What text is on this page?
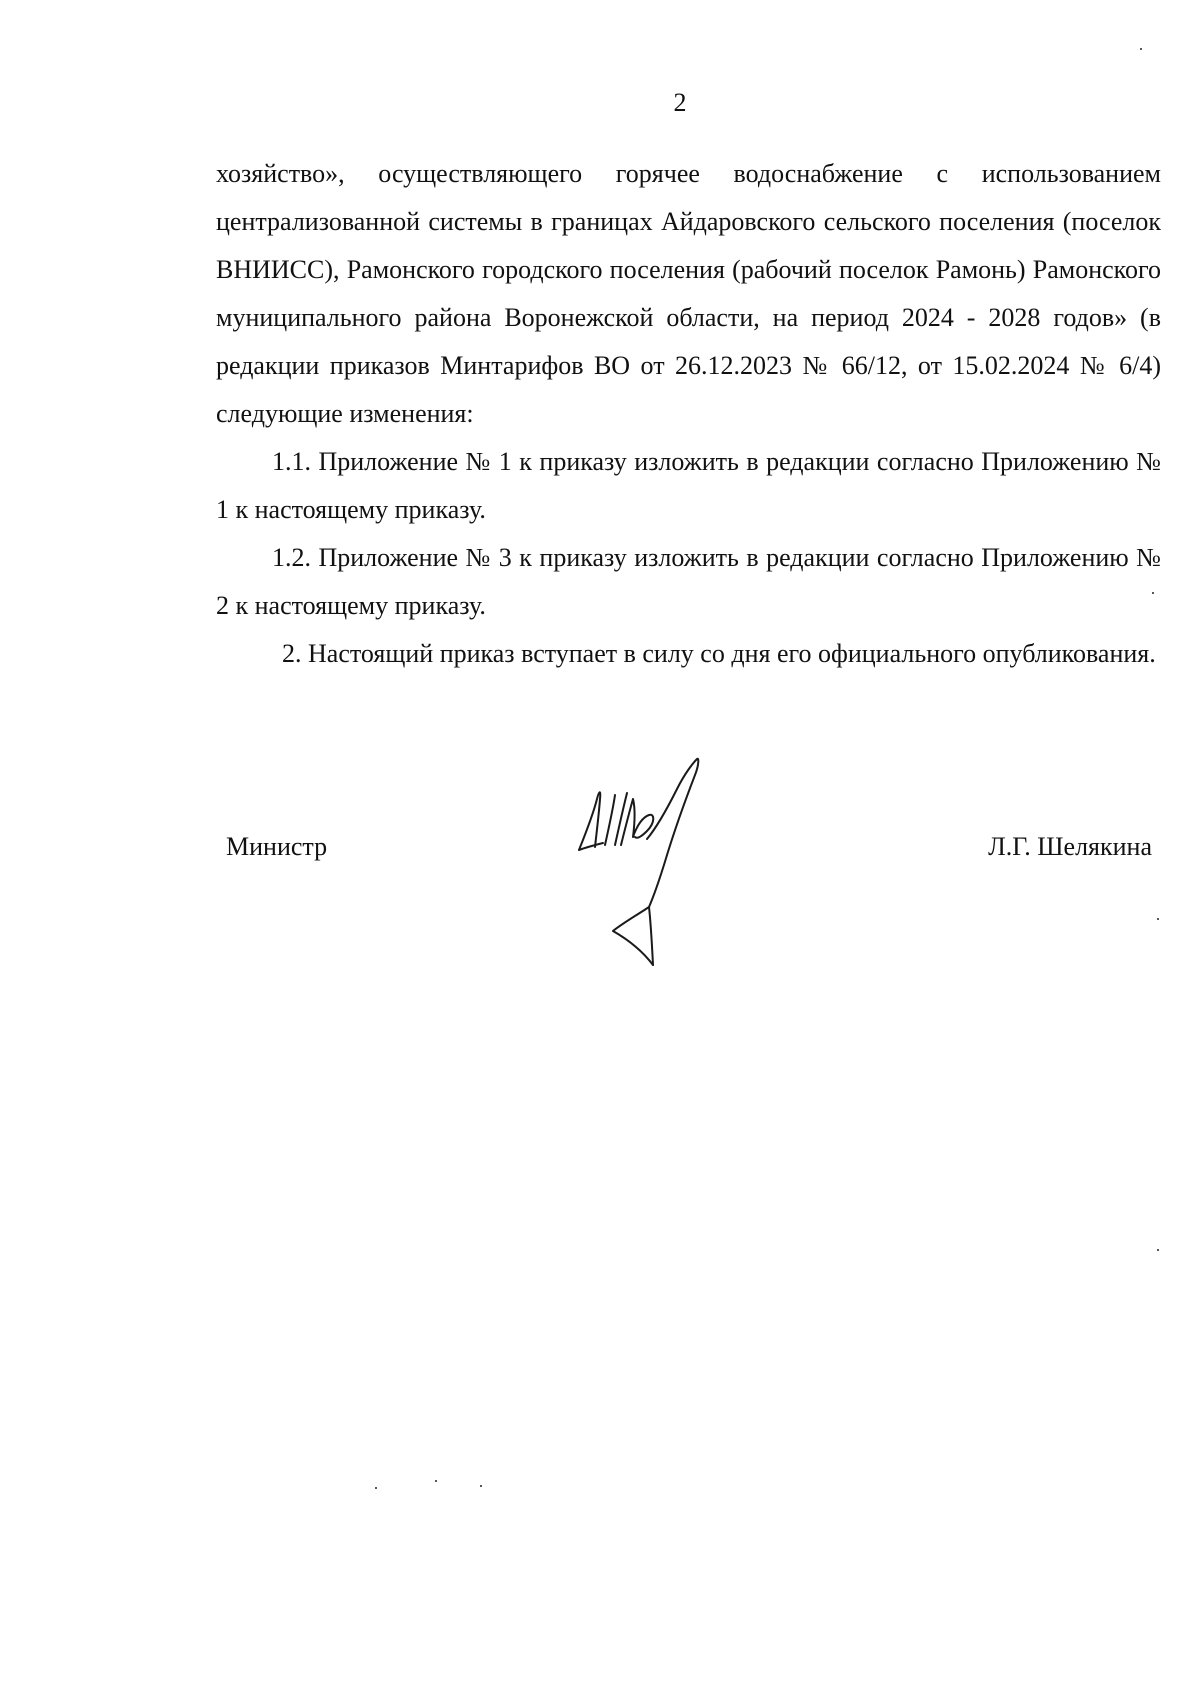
2

хозяйство», осуществляющего горячее водоснабжение с использованием централизованной системы в границах Айдаровского сельского поселения (поселок ВНИИСС), Рамонского городского поселения (рабочий поселок Рамонь) Рамонского муниципального района Воронежской области, на период 2024 - 2028 годов» (в редакции приказов Минтарифов ВО от 26.12.2023 № 66/12, от 15.02.2024 № 6/4) следующие изменения:

1.1. Приложение № 1 к приказу изложить в редакции согласно Приложению № 1 к настоящему приказу.

1.2. Приложение № 3 к приказу изложить в редакции согласно Приложению № 2 к настоящему приказу.

2. Настоящий приказ вступает в силу со дня его официального опубликования.

Министр	Л.Г. Шелякина
